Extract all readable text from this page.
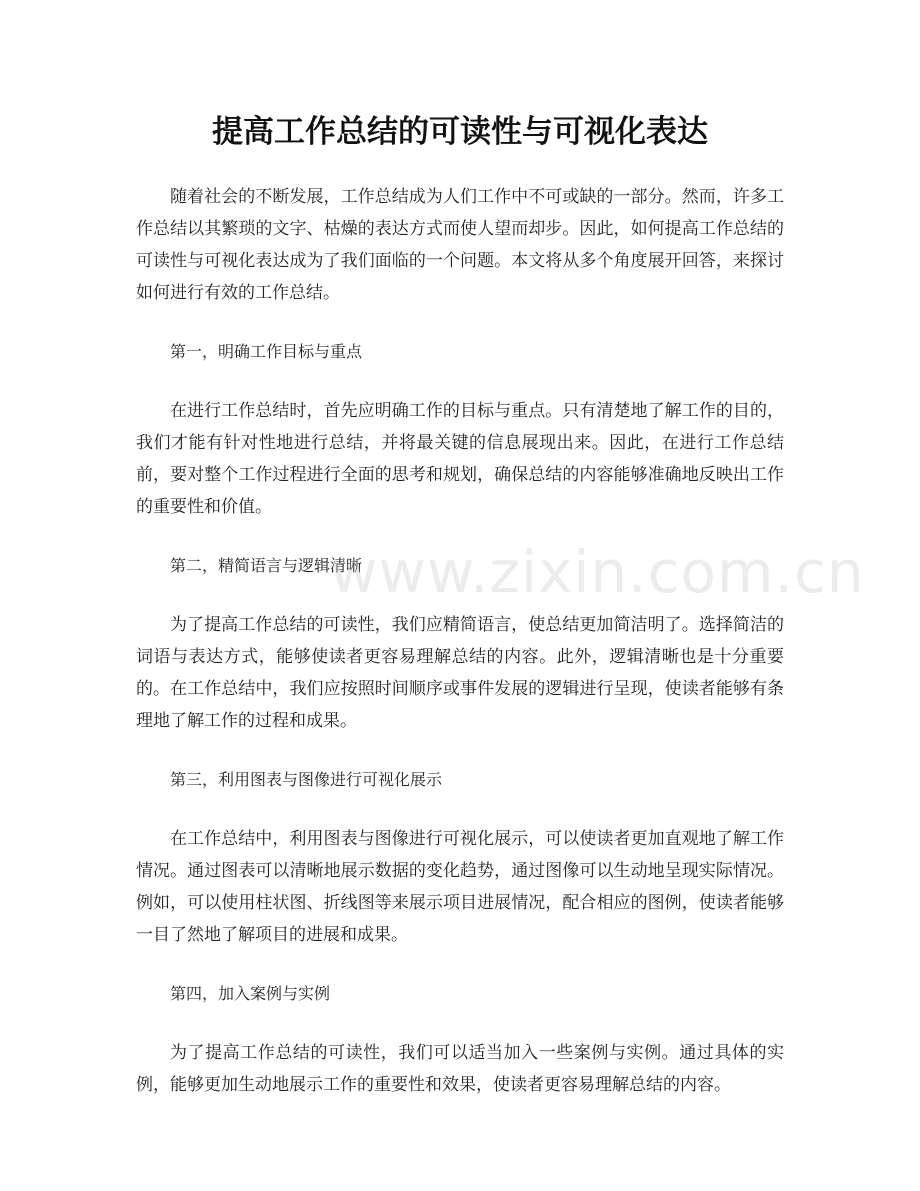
提高工作总结的可读性与可视化表达

随着社会的不断发展，工作总结成为人们工作中不可或缺的一部分。然而，许多工作总结以其繁琐的文字、枯燥的表达方式而使人望而却步。因此，如何提高工作总结的可读性与可视化表达成为了我们面临的一个问题。本文将从多个角度展开回答，来探讨如何进行有效的工作总结。

第一，明确工作目标与重点

在进行工作总结时，首先应明确工作的目标与重点。只有清楚地了解工作的目的，我们才能有针对性地进行总结，并将最关键的信息展现出来。因此，在进行工作总结前，要对整个工作过程进行全面的思考和规划，确保总结的内容能够准确地反映出工作的重要性和价值。

第二，精简语言与逻辑清晰

为了提高工作总结的可读性，我们应精简语言，使总结更加简洁明了。选择简洁的词语与表达方式，能够使读者更容易理解总结的内容。此外，逻辑清晰也是十分重要的。在工作总结中，我们应按照时间顺序或事件发展的逻辑进行呈现，使读者能够有条理地了解工作的过程和成果。

第三，利用图表与图像进行可视化展示

在工作总结中，利用图表与图像进行可视化展示，可以使读者更加直观地了解工作情况。通过图表可以清晰地展示数据的变化趋势，通过图像可以生动地呈现实际情况。例如，可以使用柱状图、折线图等来展示项目进展情况，配合相应的图例，使读者能够一目了然地了解项目的进展和成果。

第四，加入案例与实例

为了提高工作总结的可读性，我们可以适当加入一些案例与实例。通过具体的实例，能够更加生动地展示工作的重要性和效果，使读者更容易理解总结的内容。

www.zixin.com.cn
